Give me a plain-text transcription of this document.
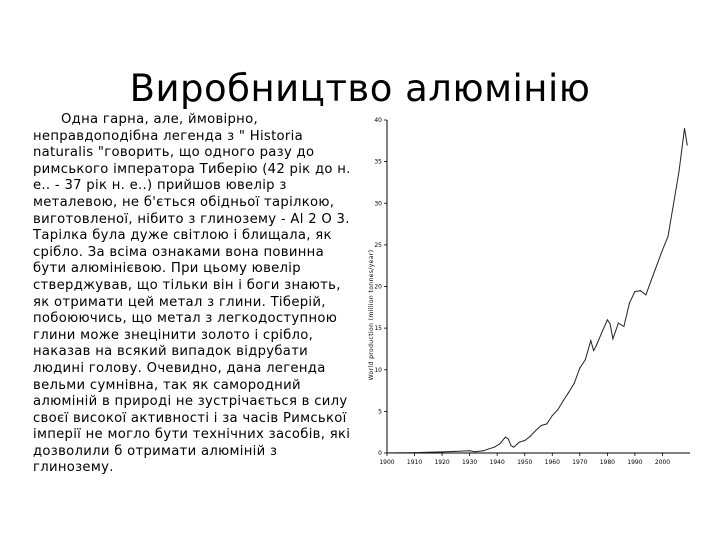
Виробництво алюмінію

Одна гарна, але, ймовірно, неправдоподібна легенда з " Historia naturalis "говорить, що одного разу до римського імператора Тиберію (42 рік до н. е.. - 37 рік н. е..) прийшов ювелір з металевою, не б'ється обідньої тарілкою, виготовленої, нібито з глинозему - Al 2 О 3. Тарілка була дуже світлою і блищала, як срібло. За всіма ознаками вона повинна бути алюмінієвою. При цьому ювелір стверджував, що тільки він і боги знають, як отримати цей метал з глини. Тіберій, побоюючись, що метал з легкодоступною глини може знецінити золото і срібло, наказав на всякий випадок відрубати людині голову. Очевидно, дана легенда вельми сумнівна, так як самородний алюміній в природі не зустрічається в силу своєї високої активності і за часів Римської імперії не могло бути технічних засобів, які дозволили б отримати алюміній з глинозему.

0
5
10
15
20
25
30
35
40
1900 1910 1920 1930 1940 1950 1960 1970 1980 1990 2000
World production (million tonnes/year)
